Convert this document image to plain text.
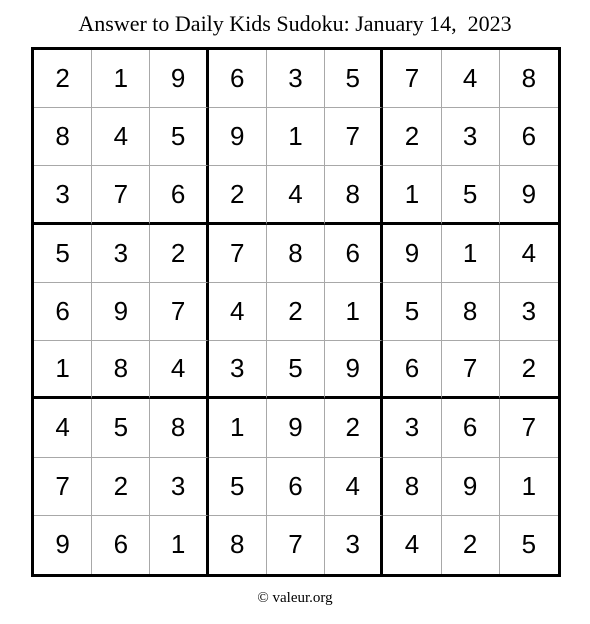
Answer to Daily Kids Sudoku: January 14,  2023
2	1	9	6	3	5	7	4	8
8	4	5	9	1	7	2	3	6
3	7	6	2	4	8	1	5	9
5	3	2	7	8	6	9	1	4
6	9	7	4	2	1	5	8	3
1	8	4	3	5	9	6	7	2
4	5	8	1	9	2	3	6	7
7	2	3	5	6	4	8	9	1
9	6	1	8	7	3	4	2	5
© valeur.org
